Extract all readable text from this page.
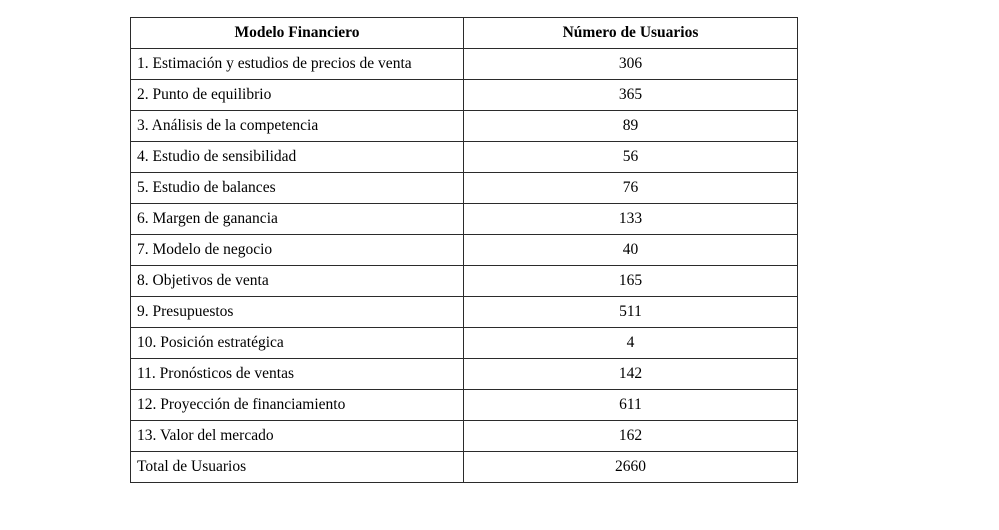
Modelo Financiero	Número de Usuarios
1. Estimación y estudios de precios de venta	306
2. Punto de equilibrio	365
3. Análisis de la competencia	89
4. Estudio de sensibilidad	56
5. Estudio de balances	76
6. Margen de ganancia	133
7. Modelo de negocio	40
8. Objetivos de venta	165
9. Presupuestos	511
10. Posición estratégica	4
11. Pronósticos de ventas	142
12. Proyección de financiamiento	611
13. Valor del mercado	162
Total de Usuarios	2660
